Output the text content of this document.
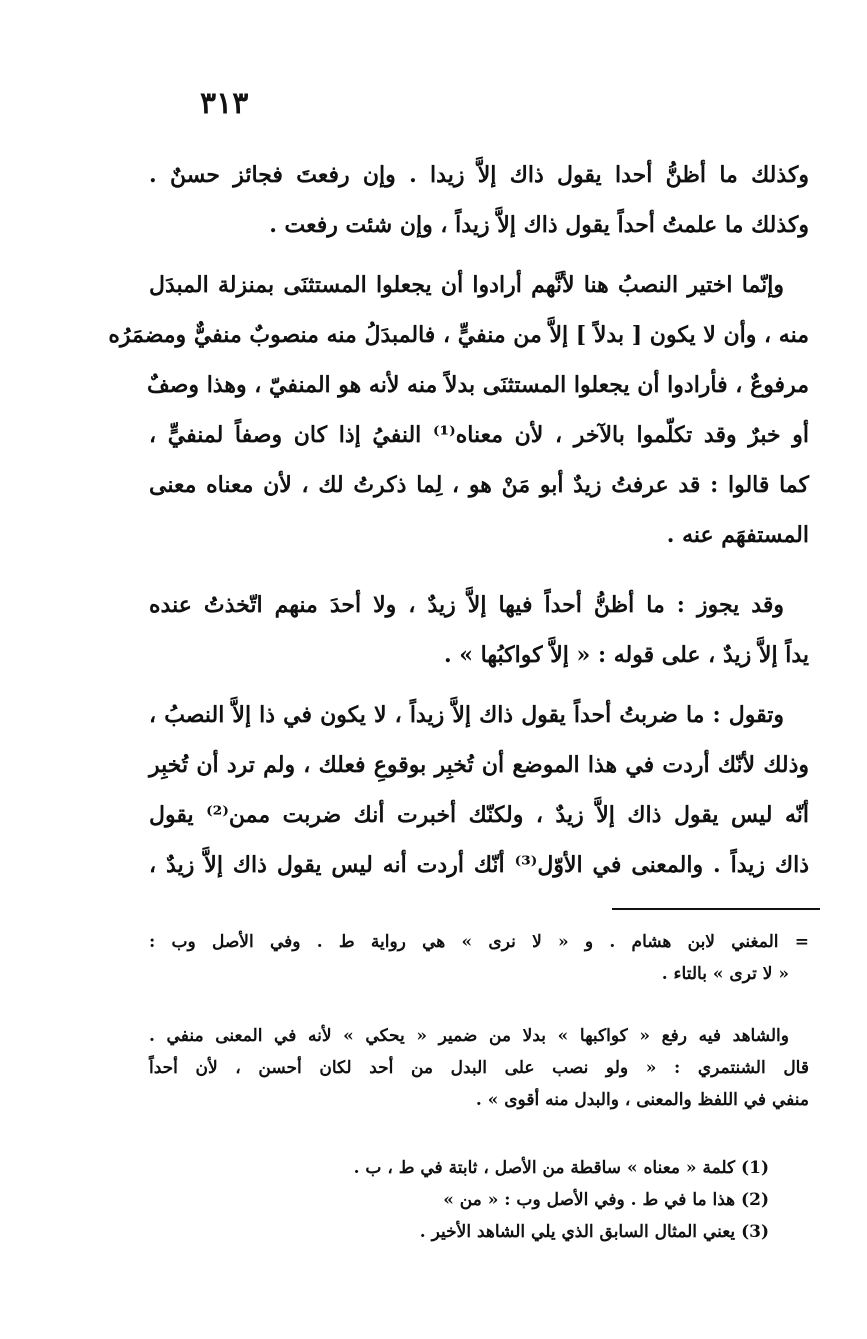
٣١٣
وكذلك ما أظنُّ أحدا يقول ذاك إلاَّ زيدا . وإن رفعتَ فجائز حسنٌ .
وكذلك ما علمتُ أحداً يقول ذاك إلاَّ زيداً ، وإن شئت رفعت .
وإنّما اختير النصبُ هنا لأنَّهم أرادوا أن يجعلوا المستثنَى بمنزلة المبدَل
منه ، وأن لا يكون [ بدلاً ] إلاَّ من منفيٍّ ، فالمبدَلُ منه منصوبٌ منفيٌّ ومضمَرُه
مرفوعٌ ، فأرادوا أن يجعلوا المستثنَى بدلاً منه لأنه هو المنفيّ ، وهذا وصفٌ
أو خبرٌ وقد تكلّموا بالآخر ، لأن معناه⁽¹⁾ النفيُ إذا كان وصفاً لمنفيٍّ ،
كما قالوا : قد عرفتُ زيدٌ أبو مَنْ هو ، لِما ذكرتُ لك ، لأن معناه معنى
المستفهَم عنه .
وقد يجوز : ما أظنُّ أحداً فيها إلاَّ زيدٌ ، ولا أحدَ منهم اتّخذتُ عنده
يداً إلاَّ زيدٌ ، على قوله : « إلاَّ كواكبُها » .
وتقول : ما ضربتُ أحداً يقول ذاك إلاَّ زيداً ، لا يكون في ذا إلاَّ النصبُ ،
وذلك لأنّك أردت في هذا الموضع أن تُخبِر بوقوعِ فعلك ، ولم ترد أن تُخبِر
أنّه ليس يقول ذاك إلاَّ زيدٌ ، ولكنّك أخبرت أنك ضربت ممن⁽²⁾ يقول
ذاك زيداً . والمعنى في الأوّل⁽³⁾ أنّك أردت أنه ليس يقول ذاك إلاَّ زيدٌ ،
= المغني لابن هشام . و « لا نرى » هي رواية ط . وفي الأصل وب :
« لا ترى » بالتاء .
والشاهد فيه رفع « كواكبها » بدلا من ضمير « يحكي » لأنه في المعنى منفي .
قال الشنتمري : « ولو نصب على البدل من أحد لكان أحسن ، لأن أحداً
منفي في اللفظ والمعنى ، والبدل منه أقوى » .
(1) كلمة « معناه » ساقطة من الأصل ، ثابتة في ط ، ب .
(2) هذا ما في ط . وفي الأصل وب : « من »
(3) يعني المثال السابق الذي يلي الشاهد الأخير .
